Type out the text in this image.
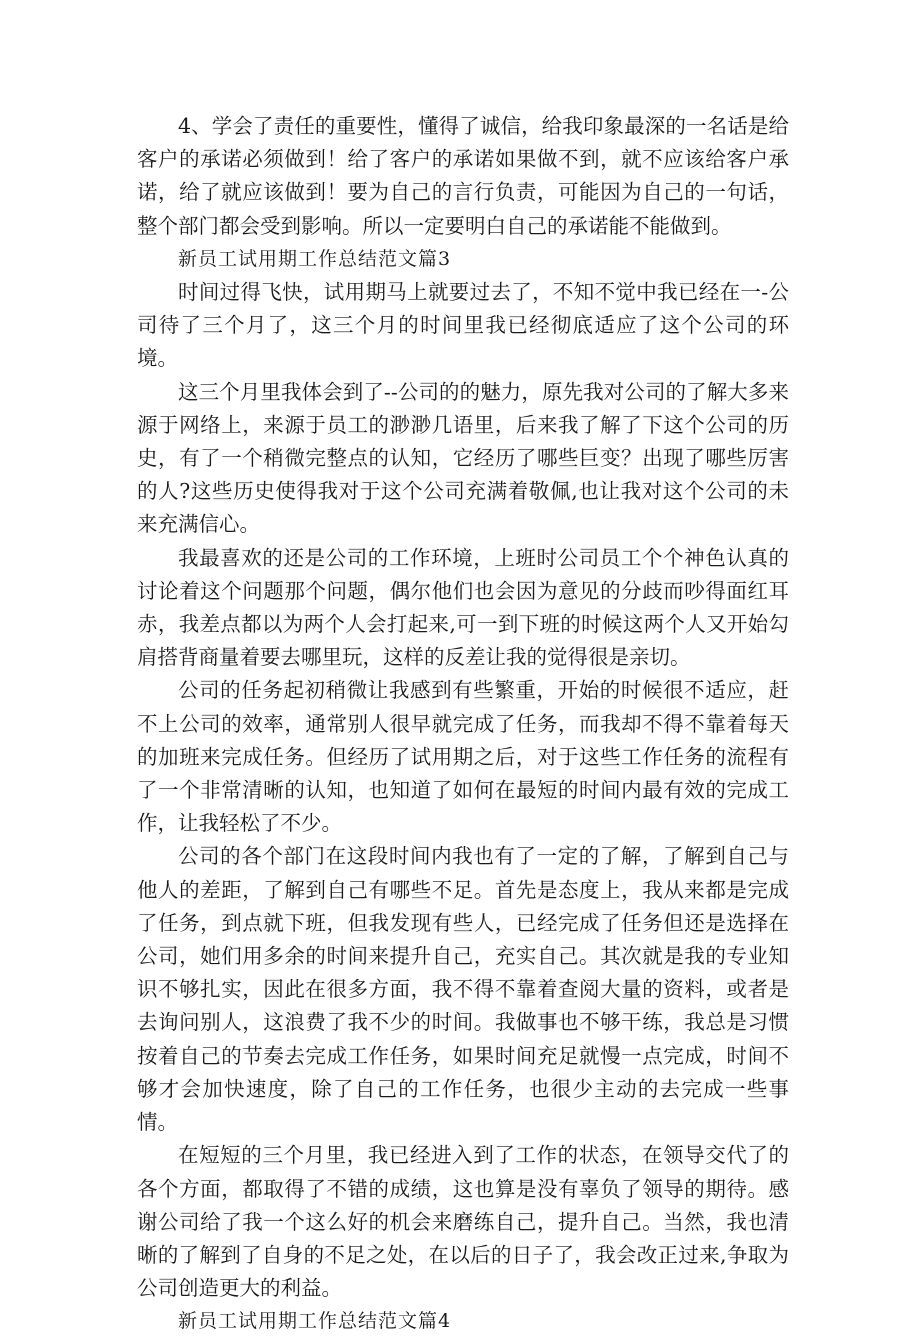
4、学会了责任的重要性，懂得了诚信，给我印象最深的一名话是给客户的承诺必须做到！给了客户的承诺如果做不到，就不应该给客户承诺，给了就应该做到！要为自己的言行负责，可能因为自己的一句话，整个部门都会受到影响。所以一定要明白自己的承诺能不能做到。

新员工试用期工作总结范文篇3

时间过得飞快，试用期马上就要过去了，不知不觉中我已经在一-公司待了三个月了，这三个月的时间里我已经彻底适应了这个公司的环境。

这三个月里我体会到了--公司的的魅力，原先我对公司的了解大多来源于网络上，来源于员工的渺渺几语里，后来我了解了下这个公司的历史，有了一个稍微完整点的认知，它经历了哪些巨变？出现了哪些厉害的人?这些历史使得我对于这个公司充满着敬佩,也让我对这个公司的未来充满信心。

我最喜欢的还是公司的工作环境，上班时公司员工个个神色认真的讨论着这个问题那个问题，偶尔他们也会因为意见的分歧而吵得面红耳赤，我差点都以为两个人会打起来,可一到下班的时候这两个人又开始勾肩搭背商量着要去哪里玩，这样的反差让我的觉得很是亲切。

公司的任务起初稍微让我感到有些繁重，开始的时候很不适应，赶不上公司的效率，通常别人很早就完成了任务，而我却不得不靠着每天的加班来完成任务。但经历了试用期之后，对于这些工作任务的流程有了一个非常清晰的认知，也知道了如何在最短的时间内最有效的完成工作，让我轻松了不少。

公司的各个部门在这段时间内我也有了一定的了解，了解到自己与他人的差距，了解到自己有哪些不足。首先是态度上，我从来都是完成了任务，到点就下班，但我发现有些人，已经完成了任务但还是选择在公司，她们用多余的时间来提升自己，充实自己。其次就是我的专业知识不够扎实，因此在很多方面，我不得不靠着查阅大量的资料，或者是去询问别人，这浪费了我不少的时间。我做事也不够干练，我总是习惯按着自己的节奏去完成工作任务，如果时间充足就慢一点完成，时间不够才会加快速度，除了自己的工作任务，也很少主动的去完成一些事情。

在短短的三个月里，我已经进入到了工作的状态，在领导交代了的各个方面，都取得了不错的成绩，这也算是没有辜负了领导的期待。感谢公司给了我一个这么好的机会来磨练自己，提升自己。当然，我也清晰的了解到了自身的不足之处，在以后的日子了，我会改正过来,争取为公司创造更大的利益。

新员工试用期工作总结范文篇4
